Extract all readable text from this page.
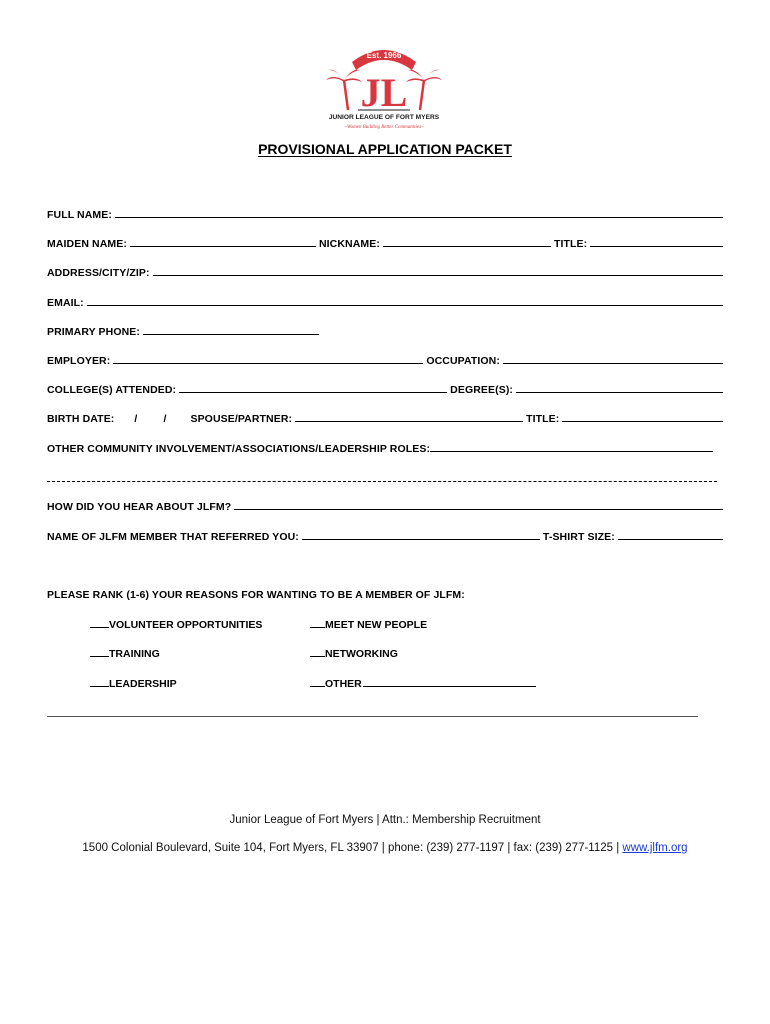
Est. 1966
JL
JUNIOR LEAGUE OF FORT MYERS
~Women Building Better Communities~
PROVISIONAL APPLICATION PACKET
FULL NAME:
MAIDEN NAME:	NICKNAME:	TITLE:
ADDRESS/CITY/ZIP:
EMAIL:
PRIMARY PHONE:
EMPLOYER:	OCCUPATION:
COLLEGE(S) ATTENDED:	DEGREE(S):
BIRTH DATE: / / SPOUSE/PARTNER:	TITLE:
OTHER COMMUNITY INVOLVEMENT/ASSOCIATIONS/LEADERSHIP ROLES:
HOW DID YOU HEAR ABOUT JLFM?
NAME OF JLFM MEMBER THAT REFERRED YOU:	T-SHIRT SIZE:
PLEASE RANK (1-6) YOUR REASONS FOR WANTING TO BE A MEMBER OF JLFM:
VOLUNTEER OPPORTUNITIES	MEET NEW PEOPLE
TRAINING	NETWORKING
LEADERSHIP	OTHER
Junior League of Fort Myers | Attn.: Membership Recruitment
1500 Colonial Boulevard, Suite 104, Fort Myers, FL 33907 | phone: (239) 277-1197 | fax: (239) 277-1125 | www.jlfm.org
